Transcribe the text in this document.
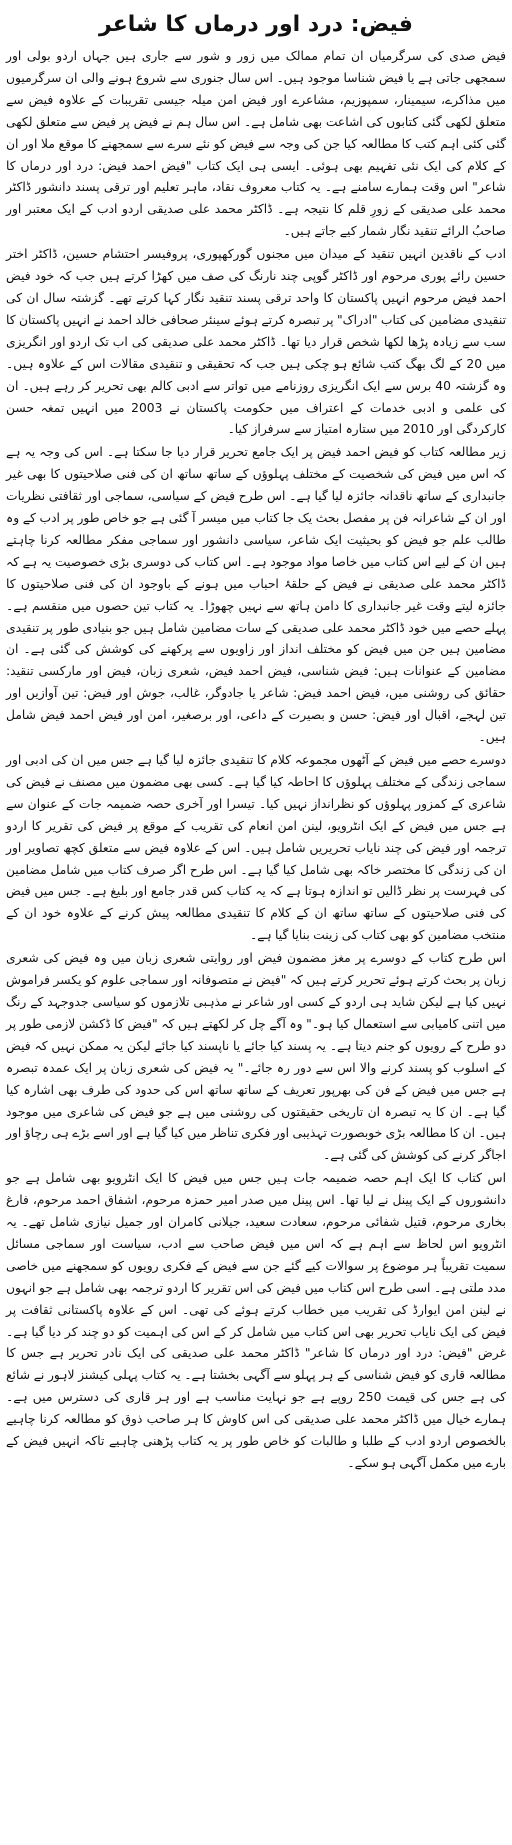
فیض: درد اور درماں کا شاعر

فیض صدی کی سرگرمیاں ان تمام ممالک میں زور و شور سے جاری ہیں جہاں اردو بولی اور سمجھی جاتی ہے یا فیض شناسا موجود ہیں۔ اس سال جنوری سے شروع ہونے والی ان سرگرمیوں میں مذاکرے، سیمینار، سمپوزیم، مشاعرے اور فیض امن میلہ جیسی تقریبات کے علاوہ فیض سے متعلق لکھی گئی کتابوں کی اشاعت بھی شامل ہے۔ اس سال ہم نے فیض پر فیض سے متعلق لکھی گئی کئی اہم کتب کا مطالعہ کیا جن کی وجہ سے فیض کو نئے سرے سے سمجھنے کا موقع ملا اور ان کے کلام کی ایک نئی تفہیم بھی ہوئی۔ ایسی ہی ایک کتاب "فیض احمد فیض: درد اور درماں کا شاعر" اس وقت ہمارے سامنے ہے۔ یہ کتاب معروف نقاد، ماہر تعلیم اور ترقی پسند دانشور ڈاکٹر محمد علی صدیقی کے زورِ قلم کا نتیجہ ہے۔ ڈاکٹر محمد علی صدیقی اردو ادب کے ایک معتبر اور صاحبُ الرائے تنقید نگار شمار کیے جاتے ہیں۔

ادب کے ناقدین انہیں تنقید کے میدان میں مجنوں گورکھپوری، پروفیسر احتشام حسین، ڈاکٹر اختر حسین رائے پوری مرحوم اور ڈاکٹر گوپی چند نارنگ کی صف میں کھڑا کرتے ہیں جب کہ خود فیض احمد فیض مرحوم انہیں پاکستان کا واحد ترقی پسند تنقید نگار کہا کرتے تھے۔ گزشتہ سال ان کی تنقیدی مضامین کی کتاب "ادراک" پر تبصرہ کرتے ہوئے سینئر صحافی خالد احمد نے انہیں پاکستان کا سب سے زیادہ پڑھا لکھا شخص قرار دیا تھا۔ ڈاکٹر محمد علی صدیقی کی اب تک اردو اور انگریزی میں 20 کے لگ بھگ کتب شائع ہو چکی ہیں جب کہ تحقیقی و تنقیدی مقالات اس کے علاوہ ہیں۔ وہ گزشتہ 40 برس سے ایک انگریزی روزنامے میں تواتر سے ادبی کالم بھی تحریر کر رہے ہیں۔ ان کی علمی و ادبی خدمات کے اعتراف میں حکومت پاکستان نے 2003 میں انہیں تمغہ حسن کارکردگی اور 2010 میں ستارہ امتیاز سے سرفراز کیا۔

زیر مطالعہ کتاب کو فیض احمد فیض پر ایک جامع تحریر قرار دیا جا سکتا ہے۔ اس کی وجہ یہ ہے کہ اس میں فیض کی شخصیت کے مختلف پہلوؤں کے ساتھ ساتھ ان کی فنی صلاحیتوں کا بھی غیر جانبداری کے ساتھ ناقدانہ جائزہ لیا گیا ہے۔ اس طرح فیض کے سیاسی، سماجی اور ثقافتی نظریات اور ان کے شاعرانہ فن پر مفصل بحث یک جا کتاب میں میسر آ گئی ہے جو خاص طور پر ادب کے وہ طالب علم جو فیض کو بحیثیت ایک شاعر، سیاسی دانشور اور سماجی مفکر مطالعہ کرنا چاہتے ہیں ان کے لیے اس کتاب میں خاصا مواد موجود ہے۔ اس کتاب کی دوسری بڑی خصوصیت یہ ہے کہ ڈاکٹر محمد علی صدیقی نے فیض کے حلقۂ احباب میں ہونے کے باوجود ان کی فنی صلاحیتوں کا جائزہ لیتے وقت غیر جانبداری کا دامن ہاتھ سے نہیں چھوڑا۔ یہ کتاب تین حصوں میں منقسم ہے۔ پہلے حصے میں خود ڈاکٹر محمد علی صدیقی کے سات مضامین شامل ہیں جو بنیادی طور پر تنقیدی مضامین ہیں جن میں فیض کو مختلف انداز اور زاویوں سے پرکھنے کی کوشش کی گئی ہے۔ ان مضامین کے عنوانات ہیں: فیض شناسی، فیض احمد فیض، شعری زبان، فیض اور مارکسی تنقید: حقائق کی روشنی میں، فیض احمد فیض: شاعر یا جادوگر، غالب، جوش اور فیض: تین آوازیں اور تین لہجے، اقبال اور فیض: حسن و بصیرت کے داعی، اور برصغیر، امن اور فیض احمد فیض شامل ہیں۔

دوسرے حصے میں فیض کے آٹھوں مجموعہ کلام کا تنقیدی جائزہ لیا گیا ہے جس میں ان کی ادبی اور سماجی زندگی کے مختلف پہلوؤں کا احاطہ کیا گیا ہے۔ کسی بھی مضمون میں مصنف نے فیض کی شاعری کے کمزور پہلوؤں کو نظرانداز نہیں کیا۔ تیسرا اور آخری حصہ ضمیمہ جات کے عنوان سے ہے جس میں فیض کے ایک انٹرویو، لینن امن انعام کی تقریب کے موقع پر فیض کی تقریر کا اردو ترجمہ اور فیض کی چند نایاب تحریریں شامل ہیں۔ اس کے علاوہ فیض سے متعلق کچھ تصاویر اور ان کی زندگی کا مختصر خاکہ بھی شامل کیا گیا ہے۔ اس طرح اگر صرف کتاب میں شامل مضامین کی فہرست پر نظر ڈالیں تو اندازہ ہوتا ہے کہ یہ کتاب کس قدر جامع اور بلیغ ہے۔ جس میں فیض کی فنی صلاحیتوں کے ساتھ ساتھ ان کے کلام کا تنقیدی مطالعہ پیش کرنے کے علاوہ خود ان کے منتخب مضامین کو بھی کتاب کی زینت بنایا گیا ہے۔

اس طرح کتاب کے دوسرے پر مغز مضمون فیض اور روایتی شعری زبان میں وہ فیض کی شعری زبان پر بحث کرتے ہوئے تحریر کرتے ہیں کہ "فیض نے متصوفانہ اور سماجی علوم کو یکسر فراموش نہیں کیا ہے لیکن شاید ہی اردو کے کسی اور شاعر نے مذہبی تلازموں کو سیاسی جدوجہد کے رنگ میں اتنی کامیابی سے استعمال کیا ہو۔" وہ آگے چل کر لکھتے ہیں کہ "فیض کا ڈکشن لازمی طور پر دو طرح کے رویوں کو جنم دیتا ہے۔ یہ پسند کیا جائے یا ناپسند کیا جائے لیکن یہ ممکن نہیں کہ فیض کے اسلوب کو پسند کرنے والا اس سے دور رہ جائے۔" یہ فیض کی شعری زبان پر ایک عمدہ تبصرہ ہے جس میں فیض کے فن کی بھرپور تعریف کے ساتھ ساتھ اس کی حدود کی طرف بھی اشارہ کیا گیا ہے۔ ان کا یہ تبصرہ ان تاریخی حقیقتوں کی روشنی میں ہے جو فیض کی شاعری میں موجود ہیں۔ ان کا مطالعہ بڑی خوبصورت تہذیبی اور فکری تناظر میں کیا گیا ہے اور اسے بڑے ہی رچاؤ اور اجاگر کرنے کی کوشش کی گئی ہے۔

اس کتاب کا ایک اہم حصہ ضمیمہ جات ہیں جس میں فیض کا ایک انٹرویو بھی شامل ہے جو دانشوروں کے ایک پینل نے لیا تھا۔ اس پینل میں صدر امیر حمزہ مرحوم، اشفاق احمد مرحوم، فارغ بخاری مرحوم، قتیل شفائی مرحوم، سعادت سعید، جیلانی کامران اور جمیل نیازی شامل تھے۔ یہ انٹرویو اس لحاظ سے اہم ہے کہ اس میں فیض صاحب سے ادب، سیاست اور سماجی مسائل سمیت تقریباً ہر موضوع پر سوالات کیے گئے جن سے فیض کے فکری رویوں کو سمجھنے میں خاصی مدد ملتی ہے۔ اسی طرح اس کتاب میں فیض کی اس تقریر کا اردو ترجمہ بھی شامل ہے جو انہوں نے لینن امن ایوارڈ کی تقریب میں خطاب کرتے ہوئے کی تھی۔ اس کے علاوہ پاکستانی ثقافت پر فیض کی ایک نایاب تحریر بھی اس کتاب میں شامل کر کے اس کی اہمیت کو دو چند کر دیا گیا ہے۔ غرض "فیض: درد اور درماں کا شاعر" ڈاکٹر محمد علی صدیقی کی ایک نادر تحریر ہے جس کا مطالعہ قاری کو فیض شناسی کے ہر پہلو سے آگہی بخشتا ہے۔ یہ کتاب پہلی کیشنز لاہور نے شائع کی ہے جس کی قیمت 250 روپے ہے جو نہایت مناسب ہے اور ہر قاری کی دسترس میں ہے۔ ہمارے خیال میں ڈاکٹر محمد علی صدیقی کی اس کاوش کا ہر صاحب ذوق کو مطالعہ کرنا چاہیے بالخصوص اردو ادب کے طلبا و طالبات کو خاص طور پر یہ کتاب پڑھنی چاہیے تاکہ انہیں فیض کے بارے میں مکمل آگہی ہو سکے۔
